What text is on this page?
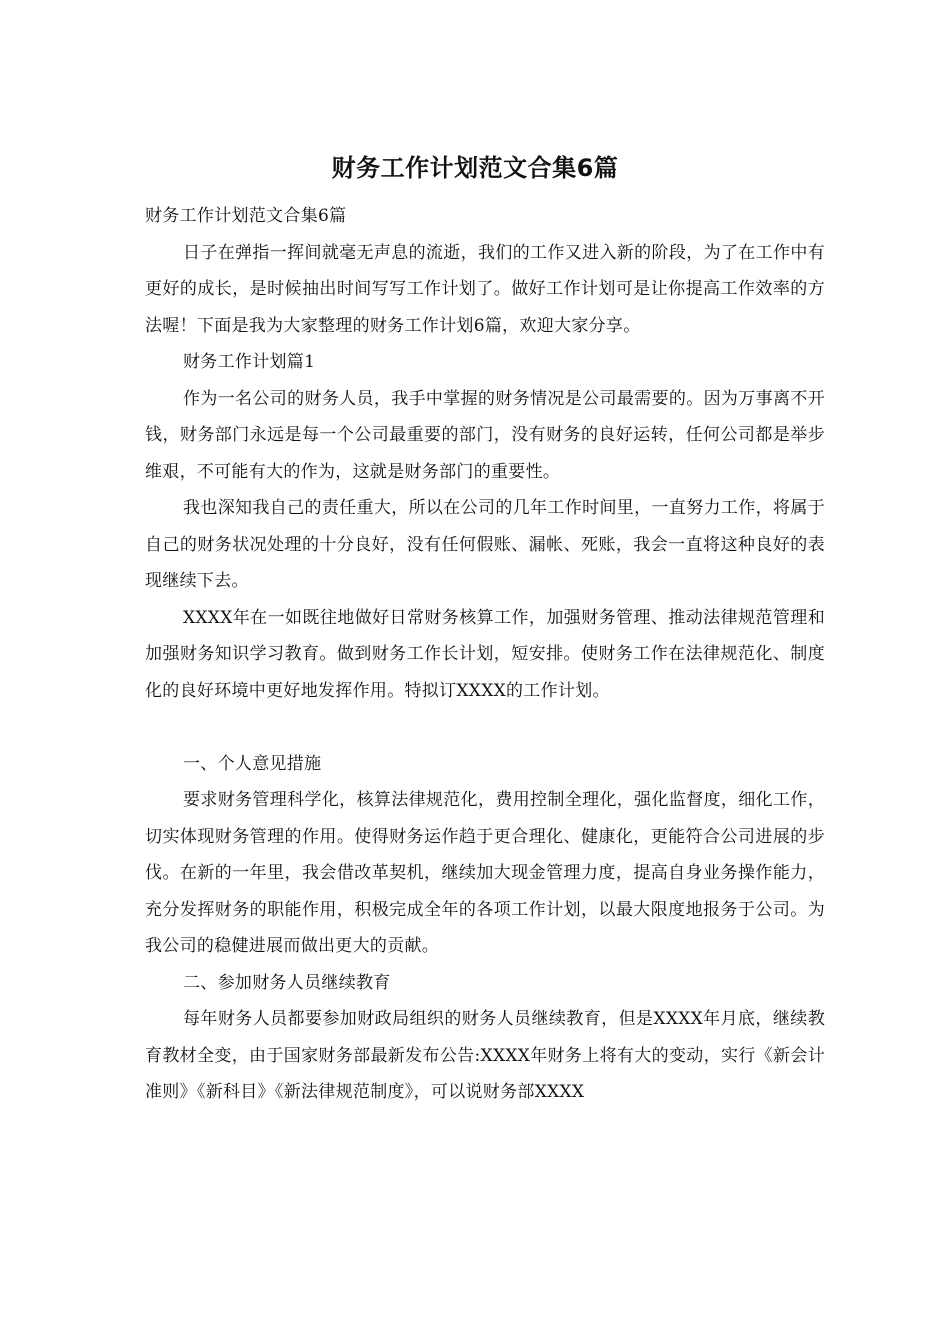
财务工作计划范文合集6篇

财务工作计划范文合集6篇

日子在弹指一挥间就毫无声息的流逝，我们的工作又进入新的阶段，为了在工作中有更好的成长，是时候抽出时间写写工作计划了。做好工作计划可是让你提高工作效率的方法喔！下面是我为大家整理的财务工作计划6篇，欢迎大家分享。

财务工作计划篇1

作为一名公司的财务人员，我手中掌握的财务情况是公司最需要的。因为万事离不开钱，财务部门永远是每一个公司最重要的部门，没有财务的良好运转，任何公司都是举步维艰，不可能有大的作为，这就是财务部门的重要性。

我也深知我自己的责任重大，所以在公司的几年工作时间里，一直努力工作，将属于自己的财务状况处理的十分良好，没有任何假账、漏帐、死账，我会一直将这种良好的表现继续下去。

XXXX年在一如既往地做好日常财务核算工作，加强财务管理、推动法律规范管理和加强财务知识学习教育。做到财务工作长计划，短安排。使财务工作在法律规范化、制度化的良好环境中更好地发挥作用。特拟订XXXX的工作计划。

一、个人意见措施

要求财务管理科学化，核算法律规范化，费用控制全理化，强化监督度，细化工作，切实体现财务管理的作用。使得财务运作趋于更合理化、健康化，更能符合公司进展的步伐。在新的一年里，我会借改革契机，继续加大现金管理力度，提高自身业务操作能力，充分发挥财务的职能作用，积极完成全年的各项工作计划，以最大限度地报务于公司。为我公司的稳健进展而做出更大的贡献。

二、参加财务人员继续教育

每年财务人员都要参加财政局组织的财务人员继续教育，但是XXXX年月底，继续教育教材全变，由于国家财务部最新发布公告:XXXX年财务上将有大的变动，实行《新会计准则》《新科目》《新法律规范制度》，可以说财务部XXXX
